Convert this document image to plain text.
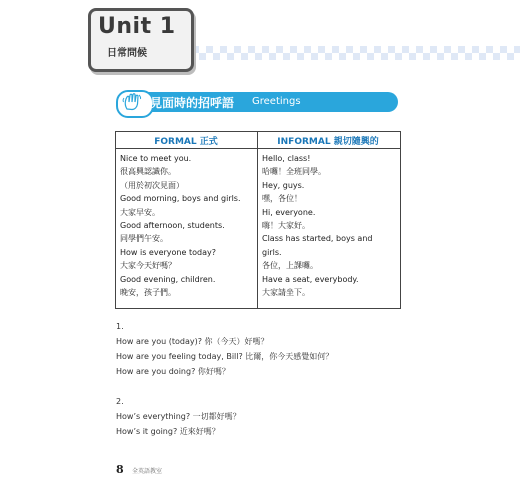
Unit 1
日常問候
見面時的招呼語 Greetings
FORMAL 正式	INFORMAL 親切隨興的
Nice to meet you.
很高興認識你。
（用於初次見面）
Good morning, boys and girls.
大家早安。
Good afternoon, students.
同學們午安。
How is everyone today?
大家今天好嗎？
Good evening, children.
晚安，孩子們。
Hello, class!
哈囉！全班同學。
Hey, guys.
嘿，各位！
Hi, everyone.
嗨！大家好。
Class has started, boys and
girls.
各位，上課囉。
Have a seat, everybody.
大家請坐下。
1.
How are you (today)? 你（今天）好嗎？
How are you feeling today, Bill? 比爾，你今天感覺如何？
How are you doing? 你好嗎？
2.
How’s everything? 一切都好嗎？
How’s it going? 近來好嗎？
8 全英語教室
